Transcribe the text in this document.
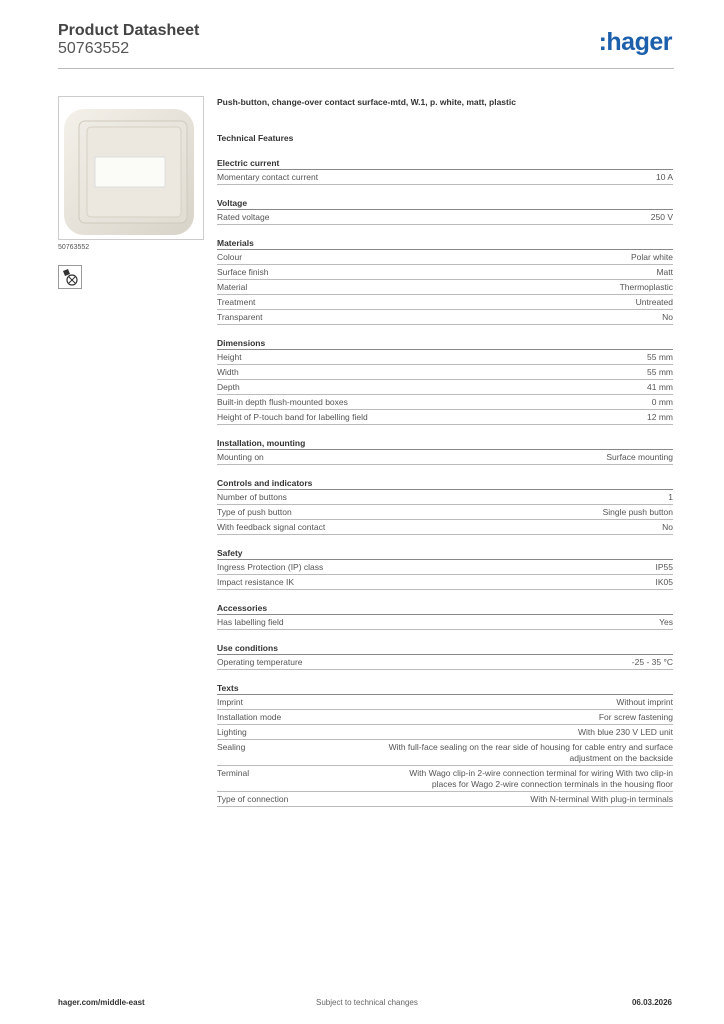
Product Datasheet
50763552	:hager
50763552
Push-button, change-over contact surface-mtd, W.1, p. white, matt, plastic
Technical Features
Electric current
Momentary contact current	10 A
Voltage
Rated voltage	250 V
Materials
Colour	Polar white
Surface finish	Matt
Material	Thermoplastic
Treatment	Untreated
Transparent	No
Dimensions
Height	55 mm
Width	55 mm
Depth	41 mm
Built-in depth flush-mounted boxes	0 mm
Height of P-touch band for labelling field	12 mm
Installation, mounting
Mounting on	Surface mounting
Controls and indicators
Number of buttons	1
Type of push button	Single push button
With feedback signal contact	No
Safety
Ingress Protection (IP) class	IP55
Impact resistance IK	IK05
Accessories
Has labelling field	Yes
Use conditions
Operating temperature	-25 - 35 °C
Texts
Imprint	Without imprint
Installation mode	For screw fastening
Lighting	With blue 230 V LED unit
Sealing	With full-face sealing on the rear side of housing for cable entry and surface adjustment on the backside
Terminal	With Wago clip-in 2-wire connection terminal for wiring With two clip-in places for Wago 2-wire connection terminals in the housing floor
Type of connection	With N-terminal With plug-in terminals
hager.com/middle-east	Subject to technical changes	06.03.2026
